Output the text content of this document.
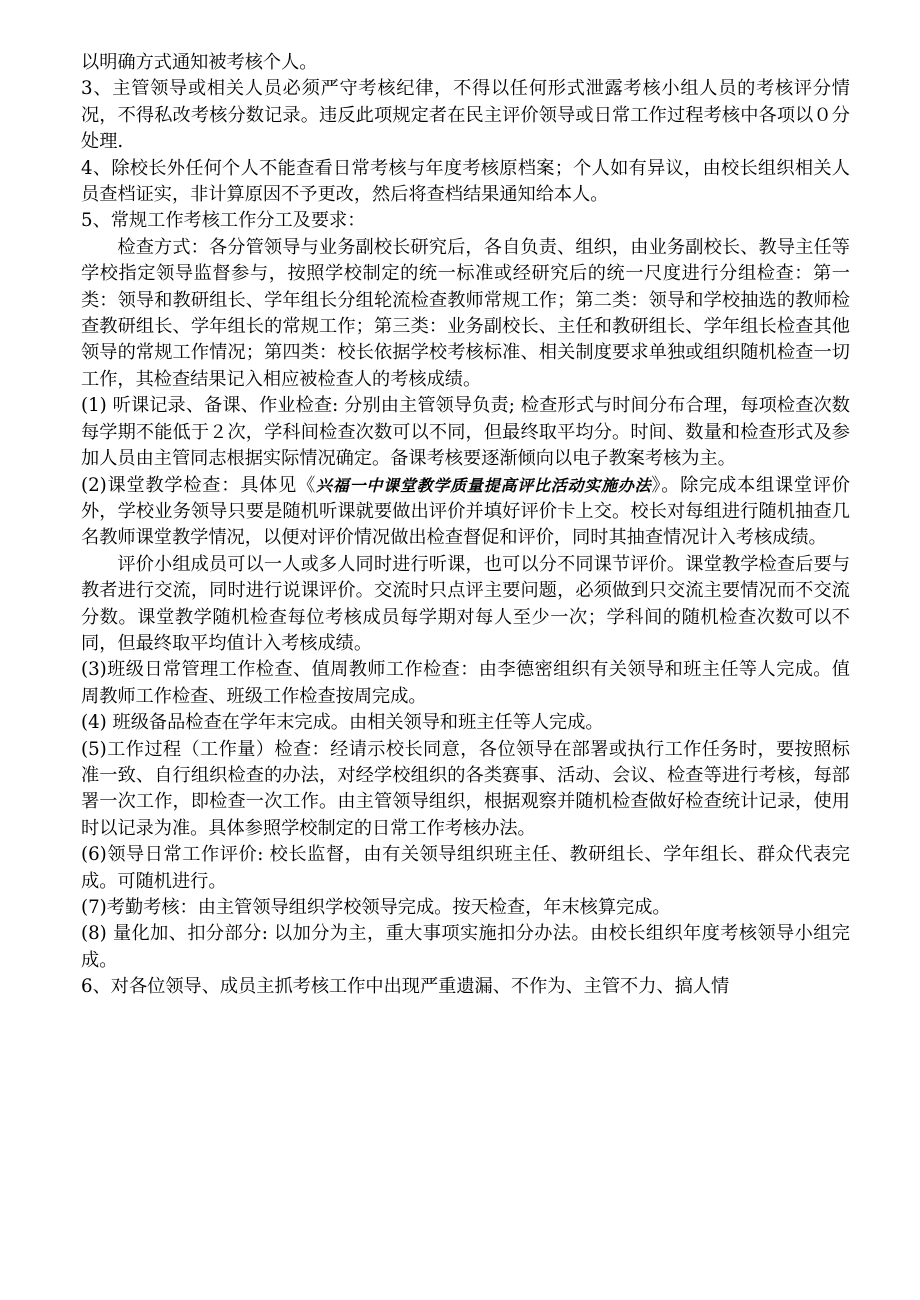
以明确方式通知被考核个人。

3、主管领导或相关人员必须严守考核纪律，不得以任何形式泄露考核小组人员的考核评分情况，不得私改考核分数记录。违反此项规定者在民主评价领导或日常工作过程考核中各项以０分处理.

4、除校长外任何个人不能查看日常考核与年度考核原档案；个人如有异议，由校长组织相关人员查档证实，非计算原因不予更改，然后将查档结果通知给本人。

5、常规工作考核工作分工及要求：

检查方式：各分管领导与业务副校长研究后，各自负责、组织，由业务副校长、教导主任等学校指定领导监督参与，按照学校制定的统一标准或经研究后的统一尺度进行分组检查：第一类：领导和教研组长、学年组长分组轮流检查教师常规工作；第二类：领导和学校抽选的教师检查教研组长、学年组长的常规工作；第三类：业务副校长、主任和教研组长、学年组长检查其他领导的常规工作情况；第四类：校长依据学校考核标准、相关制度要求单独或组织随机检查一切工作，其检查结果记入相应被检查人的考核成绩。

(1) 听课记录、备课、作业检查: 分别由主管领导负责; 检查形式与时间分布合理，每项检查次数每学期不能低于２次，学科间检查次数可以不同，但最终取平均分。时间、数量和检查形式及参加人员由主管同志根据实际情况确定。备课考核要逐渐倾向以电子教案考核为主。

(2)课堂教学检查：具体见《兴福一中课堂教学质量提高评比活动实施办法》。除完成本组课堂评价外，学校业务领导只要是随机听课就要做出评价并填好评价卡上交。校长对每组进行随机抽查几名教师课堂教学情况，以便对评价情况做出检查督促和评价，同时其抽查情况计入考核成绩。

评价小组成员可以一人或多人同时进行听课，也可以分不同课节评价。课堂教学检查后要与教者进行交流，同时进行说课评价。交流时只点评主要问题，必须做到只交流主要情况而不交流分数。课堂教学随机检查每位考核成员每学期对每人至少一次；学科间的随机检查次数可以不同，但最终取平均值计入考核成绩。

(3)班级日常管理工作检查、值周教师工作检查：由李德密组织有关领导和班主任等人完成。值周教师工作检查、班级工作检查按周完成。

(4) 班级备品检查在学年末完成。由相关领导和班主任等人完成。

(5)工作过程（工作量）检查：经请示校长同意，各位领导在部署或执行工作任务时，要按照标准一致、自行组织检查的办法，对经学校组织的各类赛事、活动、会议、检查等进行考核，每部署一次工作，即检查一次工作。由主管领导组织，根据观察并随机检查做好检查统计记录，使用时以记录为准。具体参照学校制定的日常工作考核办法。

(6)领导日常工作评价: 校长监督，由有关领导组织班主任、教研组长、学年组长、群众代表完成。可随机进行。

(7)考勤考核：由主管领导组织学校领导完成。按天检查，年末核算完成。

(8) 量化加、扣分部分: 以加分为主，重大事项实施扣分办法。由校长组织年度考核领导小组完成。

6、对各位领导、成员主抓考核工作中出现严重遗漏、不作为、主管不力、搞人情
